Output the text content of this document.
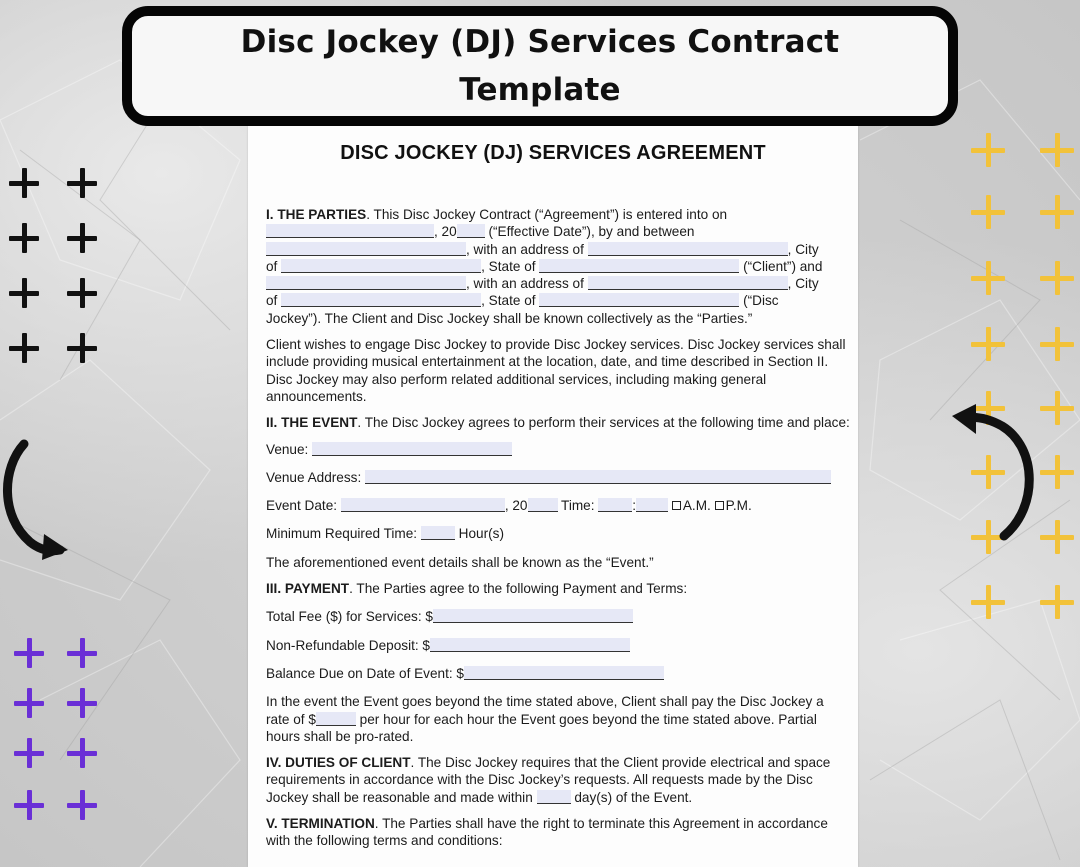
Disc Jockey (DJ) Services Contract
Template
DISC JOCKEY (DJ) SERVICES AGREEMENT

I. THE PARTIES. This Disc Jockey Contract (“Agreement”) is entered into on
, 20 (“Effective Date”), by and between
, with an address of	, City
of	, State of	(“Client”) and
, with an address of	, City
of	, State of	(“Disc
Jockey”). The Client and Disc Jockey shall be known collectively as the “Parties.”

Client wishes to engage Disc Jockey to provide Disc Jockey services. Disc Jockey services shall include providing musical entertainment at the location, date, and time described in Section II. Disc Jockey may also perform related additional services, including making general announcements.

II. THE EVENT. The Disc Jockey agrees to perform their services at the following time and place:

Venue:

Venue Address:

Event Date:	, 20 Time:	:	A.M. P.M.

Minimum Required Time:	Hour(s)

The aforementioned event details shall be known as the “Event.”

III. PAYMENT. The Parties agree to the following Payment and Terms:

Total Fee ($) for Services: $

Non-Refundable Deposit: $

Balance Due on Date of Event: $

In the event the Event goes beyond the time stated above, Client shall pay the Disc Jockey a rate of $	per hour for each hour the Event goes beyond the time stated above. Partial hours shall be pro-rated.

IV. DUTIES OF CLIENT. The Disc Jockey requires that the Client provide electrical and space requirements in accordance with the Disc Jockey’s requests. All requests made by the Disc Jockey shall be reasonable and made within	day(s) of the Event.

V. TERMINATION. The Parties shall have the right to terminate this Agreement in accordance with the following terms and conditions:
